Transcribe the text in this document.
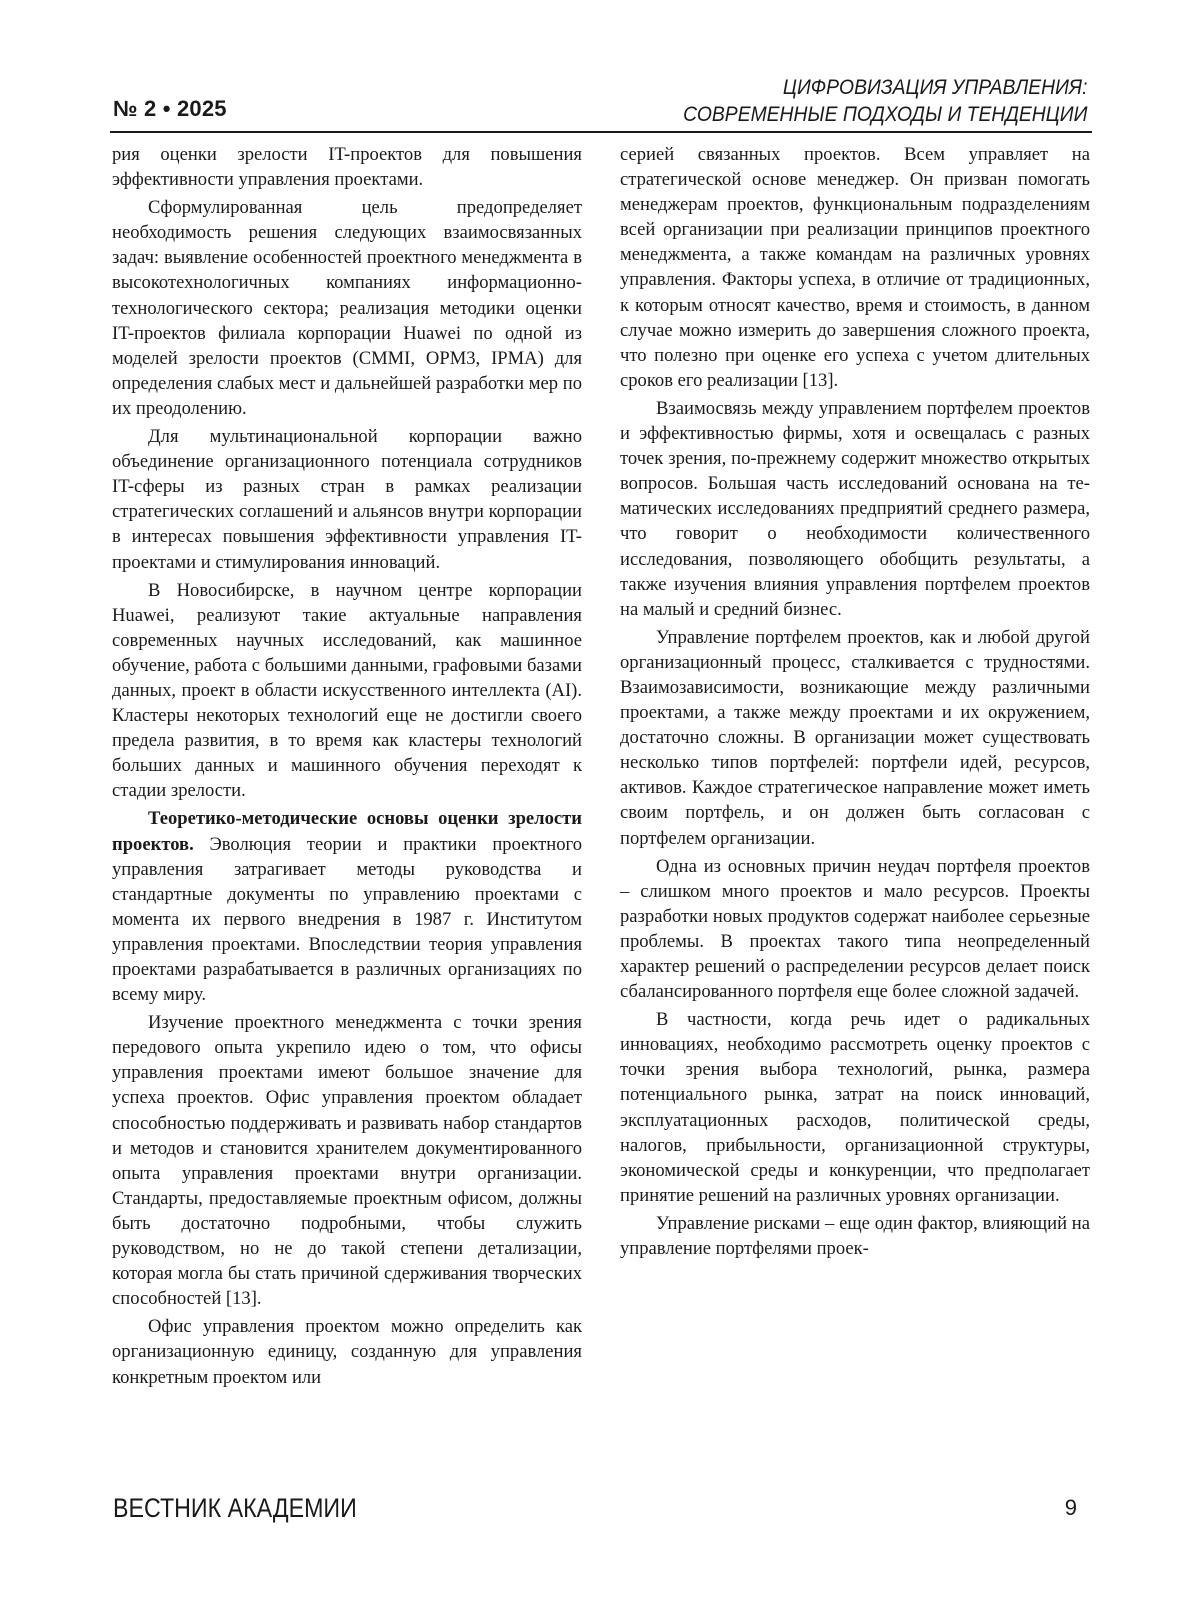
№ 2 • 2025
ЦИФРОВИЗАЦИЯ УПРАВЛЕНИЯ:
СОВРЕМЕННЫЕ ПОДХОДЫ И ТЕНДЕНЦИИ

рия оценки зрелости IT-проектов для повышения эффективности управления проектами.

Сформулированная цель предопределяет необходимость решения следующих взаимосвязанных задач: выявление особенностей проектного менеджмента в высокотехнологичных компаниях информационно-технологического сектора; реализация методики оценки IT-проектов филиала корпорации Huawei по одной из моделей зрелости проектов (CMMI, OPM3, IPMA) для определения слабых мест и дальнейшей разработки мер по их преодолению.

Для мультинациональной корпорации важно объединение организационного потенциала сотрудников IT-сферы из разных стран в рамках реализации стратегических соглашений и альянсов внутри корпорации в интересах повышения эффективности управления IT-проектами и стимулирования инноваций.

В Новосибирске, в научном центре корпорации Huawei, реализуют такие актуальные направления современных научных исследований, как машинное обучение, работа с большими данными, графовыми базами данных, проект в области искусственного интеллекта (AI). Кластеры некоторых технологий еще не достигли своего предела развития, в то время как кластеры технологий больших данных и машинного обучения переходят к стадии зрелости.

Теоретико-методические основы оценки зрелости проектов. Эволюция теории и практики проектного управления затрагивает методы руководства и стандартные документы по управлению проектами с момента их первого внедрения в 1987 г. Институтом управления проектами. Впоследствии теория управления проектами разрабатывается в различных организациях по всему миру.

Изучение проектного менеджмента с точки зрения передового опыта укрепило идею о том, что офисы управления проектами имеют большое значение для успеха проектов. Офис управления проектом обладает способностью поддерживать и развивать набор стандартов и методов и становится хранителем документированного опыта управления проектами внутри организации. Стандарты, предоставляемые проектным офисом, должны быть достаточно подробными, чтобы служить руководством, но не до такой степени детализации, которая могла бы стать причиной сдерживания творческих способностей [13].

Офис управления проектом можно определить как организационную единицу, созданную для управления конкретным проектом или

серией связанных проектов. Всем управляет на стратегической основе менеджер. Он призван помогать менеджерам проектов, функциональным подразделениям всей организации при реализации принципов проектного менеджмента, а также командам на различных уровнях управления. Факторы успеха, в отличие от традиционных, к которым относят качество, время и стоимость, в данном случае можно измерить до завершения сложного проекта, что полезно при оценке его успеха с учетом длительных сроков его реализации [13].

Взаимосвязь между управлением портфелем проектов и эффективностью фирмы, хотя и освещалась с разных точек зрения, по-прежнему содержит множество открытых вопросов. Большая часть исследований основана на тематических исследованиях предприятий среднего размера, что говорит о необходимости количественного исследования, позволяющего обобщить результаты, а также изучения влияния управления портфелем проектов на малый и средний бизнес.

Управление портфелем проектов, как и любой другой организационный процесс, сталкивается с трудностями. Взаимозависимости, возникающие между различными проектами, а также между проектами и их окружением, достаточно сложны. В организации может существовать несколько типов портфелей: портфели идей, ресурсов, активов. Каждое стратегическое направление может иметь своим портфель, и он должен быть согласован с портфелем организации.

Одна из основных причин неудач портфеля проектов – слишком много проектов и мало ресурсов. Проекты разработки новых продуктов содержат наиболее серьезные проблемы. В проектах такого типа неопределенный характер решений о распределении ресурсов делает поиск сбалансированного портфеля еще более сложной задачей.

В частности, когда речь идет о радикальных инновациях, необходимо рассмотреть оценку проектов с точки зрения выбора технологий, рынка, размера потенциального рынка, затрат на поиск инноваций, эксплуатационных расходов, политической среды, налогов, прибыльности, организационной структуры, экономической среды и конкуренции, что предполагает принятие решений на различных уровнях организации.

Управление рисками – еще один фактор, влияющий на управление портфелями проек-

ВЕСТНИК АКАДЕМИИ	9
